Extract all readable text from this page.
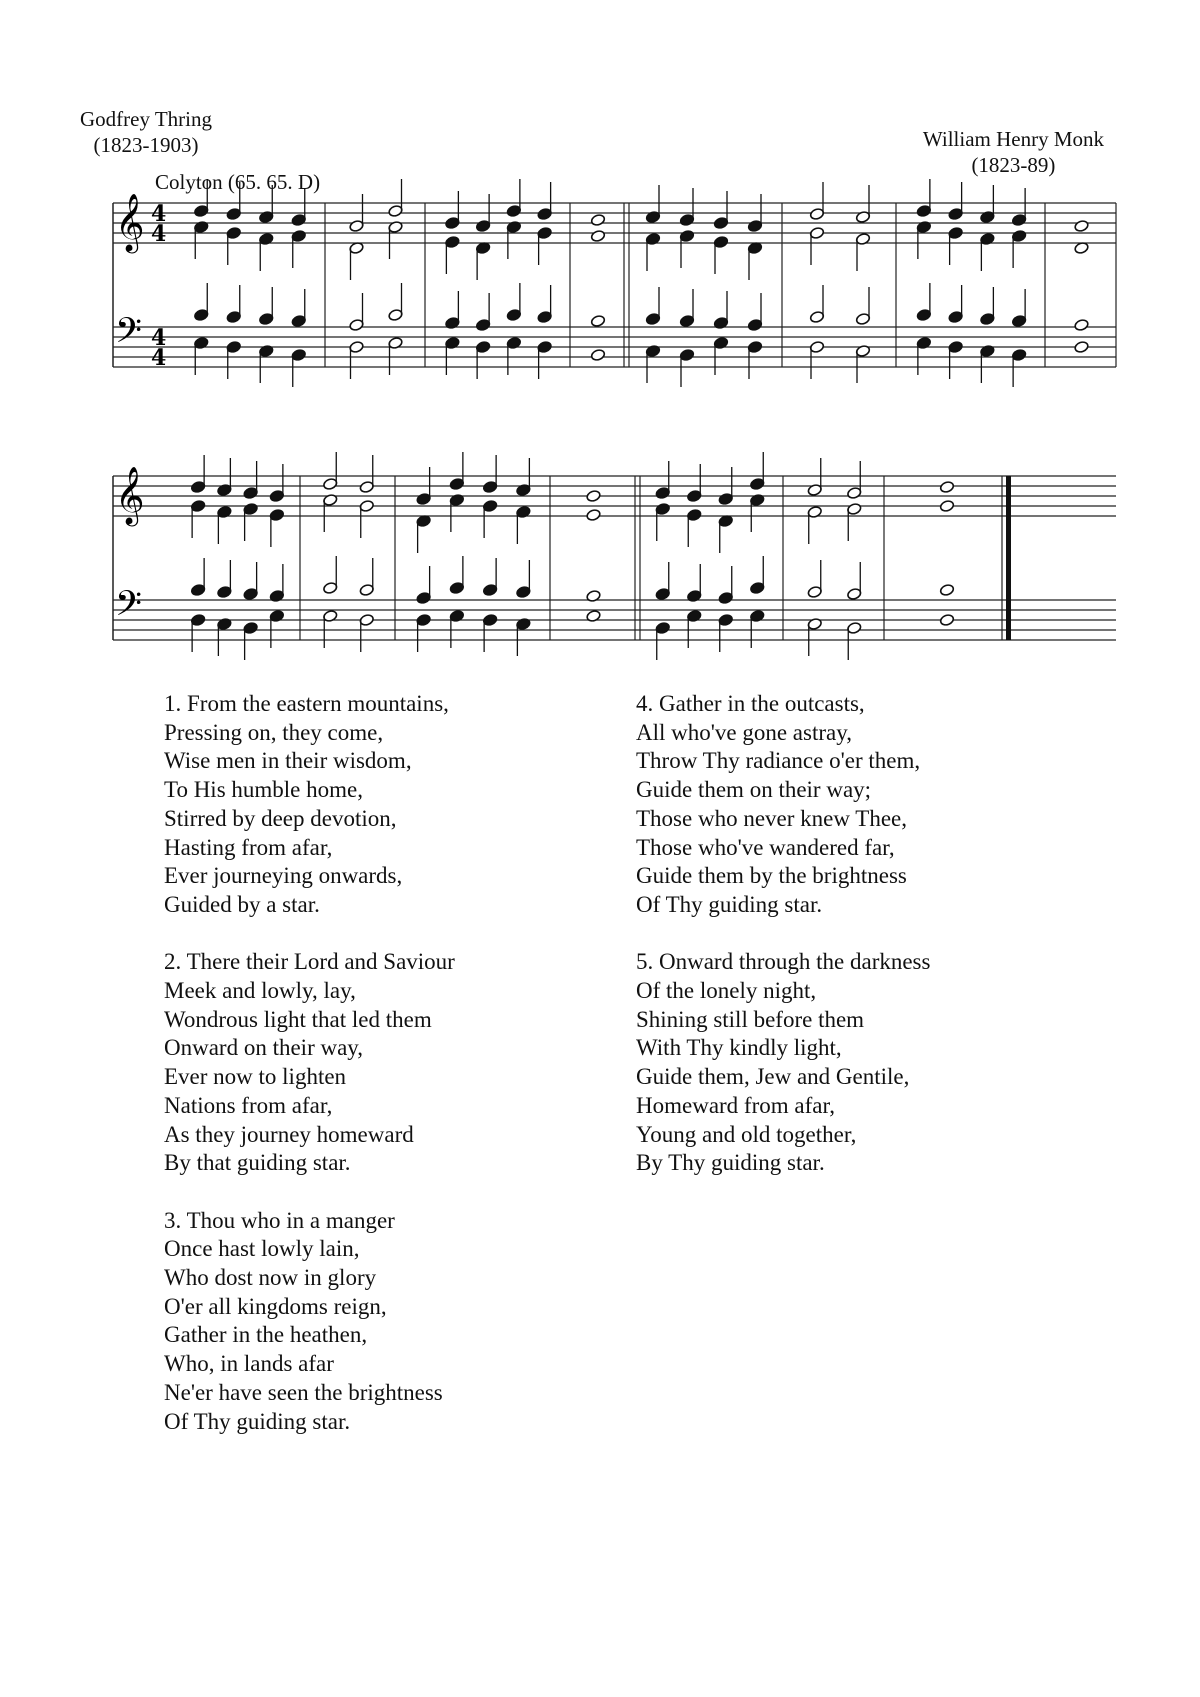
Godfrey Thring
(1823-1903)	William Henry Monk
(1823-89)
Colyton (65. 65. D)
𝄞 4
4
𝄢 4
4
𝄞
𝄢
1. From the eastern mountains,
Pressing on, they come,
Wise men in their wisdom,
To His humble home,
Stirred by deep devotion,
Hasting from afar,
Ever journeying onwards,
Guided by a star.
2. There their Lord and Saviour
Meek and lowly, lay,
Wondrous light that led them
Onward on their way,
Ever now to lighten
Nations from afar,
As they journey homeward
By that guiding star.
3. Thou who in a manger
Once hast lowly lain,
Who dost now in glory
O'er all kingdoms reign,
Gather in the heathen,
Who, in lands afar
Ne'er have seen the brightness
Of Thy guiding star.
4. Gather in the outcasts,
All who've gone astray,
Throw Thy radiance o'er them,
Guide them on their way;
Those who never knew Thee,
Those who've wandered far,
Guide them by the brightness
Of Thy guiding star.
5. Onward through the darkness
Of the lonely night,
Shining still before them
With Thy kindly light,
Guide them, Jew and Gentile,
Homeward from afar,
Young and old together,
By Thy guiding star.
